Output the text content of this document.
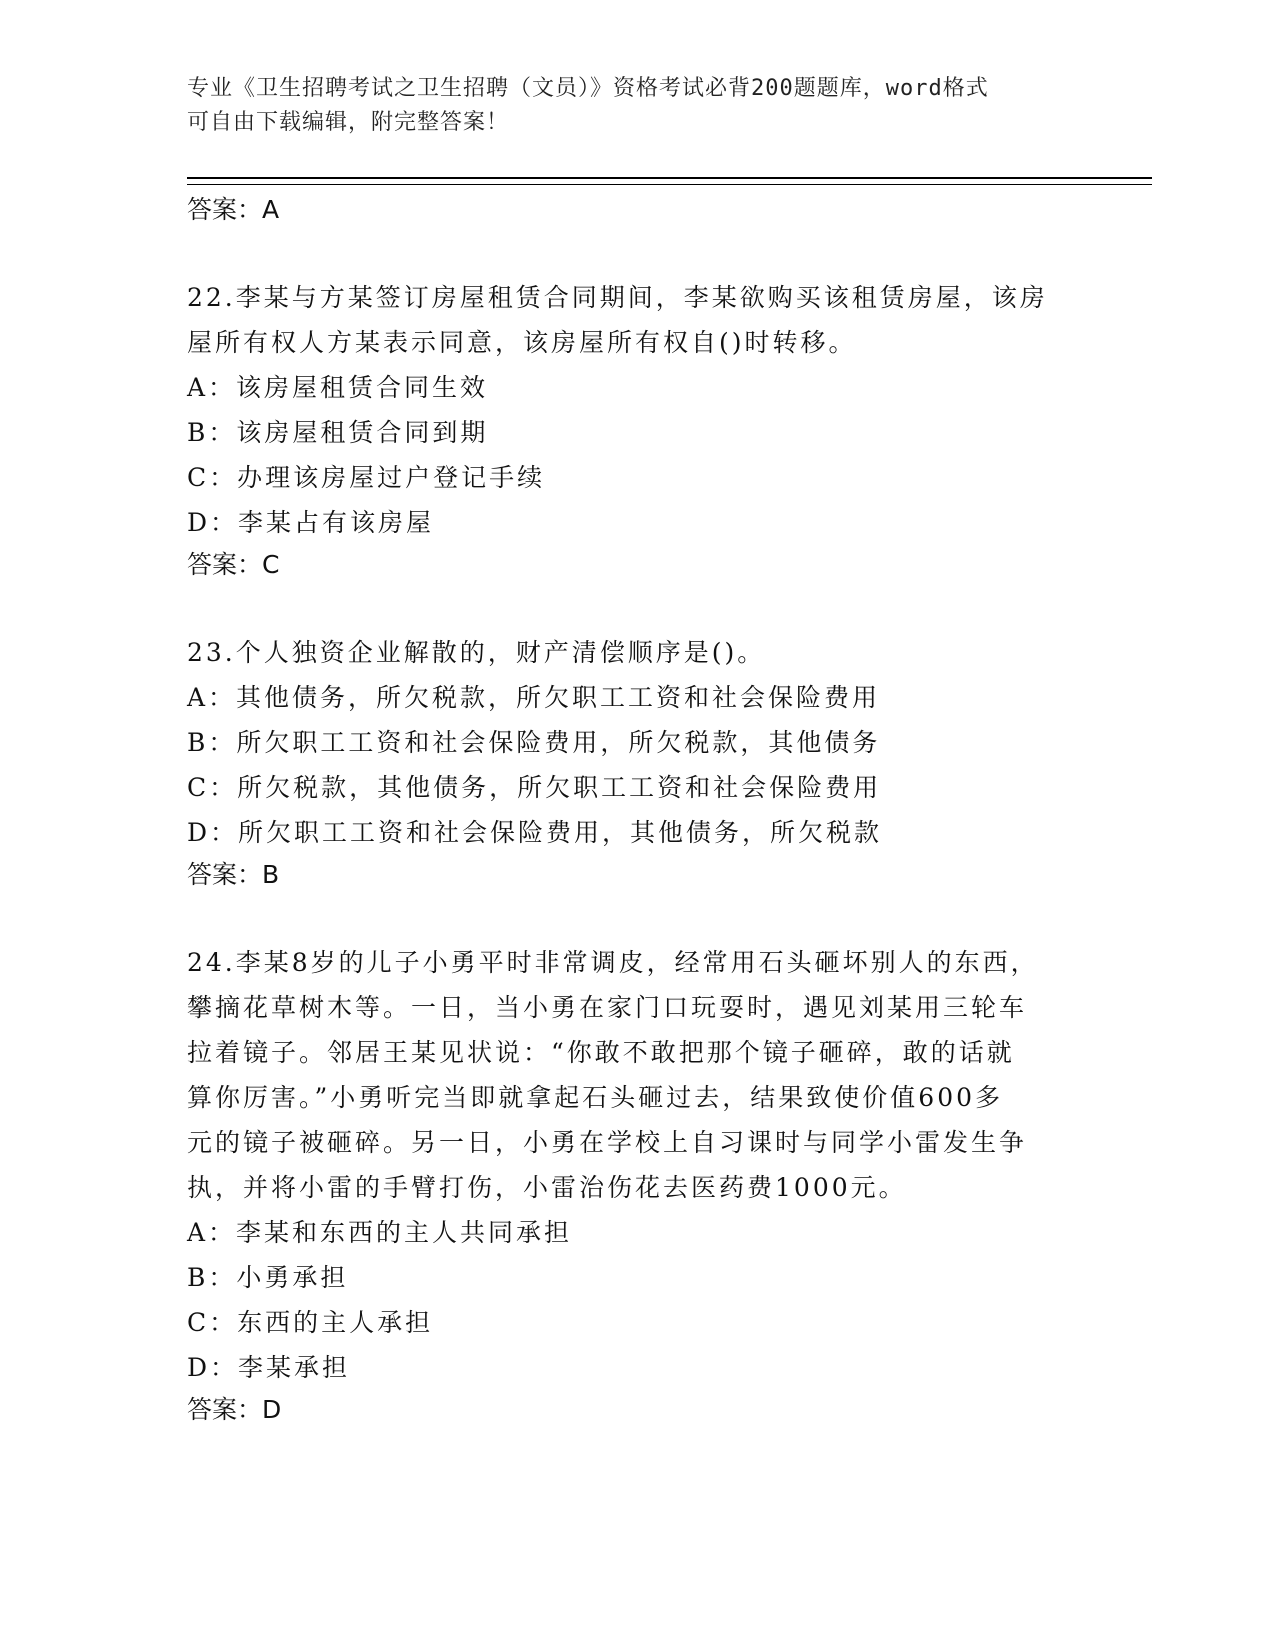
专业《卫生招聘考试之卫生招聘（文员）》资格考试必背200题题库，word格式
可自由下载编辑，附完整答案！
答案：A
22.李某与方某签订房屋租赁合同期间，李某欲购买该租赁房屋，该房
屋所有权人方某表示同意，该房屋所有权自()时转移。
A：该房屋租赁合同生效
B：该房屋租赁合同到期
C：办理该房屋过户登记手续
D：李某占有该房屋
答案：C
23.个人独资企业解散的，财产清偿顺序是()。
A：其他债务，所欠税款，所欠职工工资和社会保险费用
B：所欠职工工资和社会保险费用，所欠税款，其他债务
C：所欠税款，其他债务，所欠职工工资和社会保险费用
D：所欠职工工资和社会保险费用，其他债务，所欠税款
答案：B
24.李某8岁的儿子小勇平时非常调皮，经常用石头砸坏别人的东西，
攀摘花草树木等。一日，当小勇在家门口玩耍时，遇见刘某用三轮车
拉着镜子。邻居王某见状说：“你敢不敢把那个镜子砸碎，敢的话就
算你厉害。”小勇听完当即就拿起石头砸过去，结果致使价值600多
元的镜子被砸碎。另一日，小勇在学校上自习课时与同学小雷发生争
执，并将小雷的手臂打伤，小雷治伤花去医药费1000元。
A：李某和东西的主人共同承担
B：小勇承担
C：东西的主人承担
D：李某承担
答案：D
